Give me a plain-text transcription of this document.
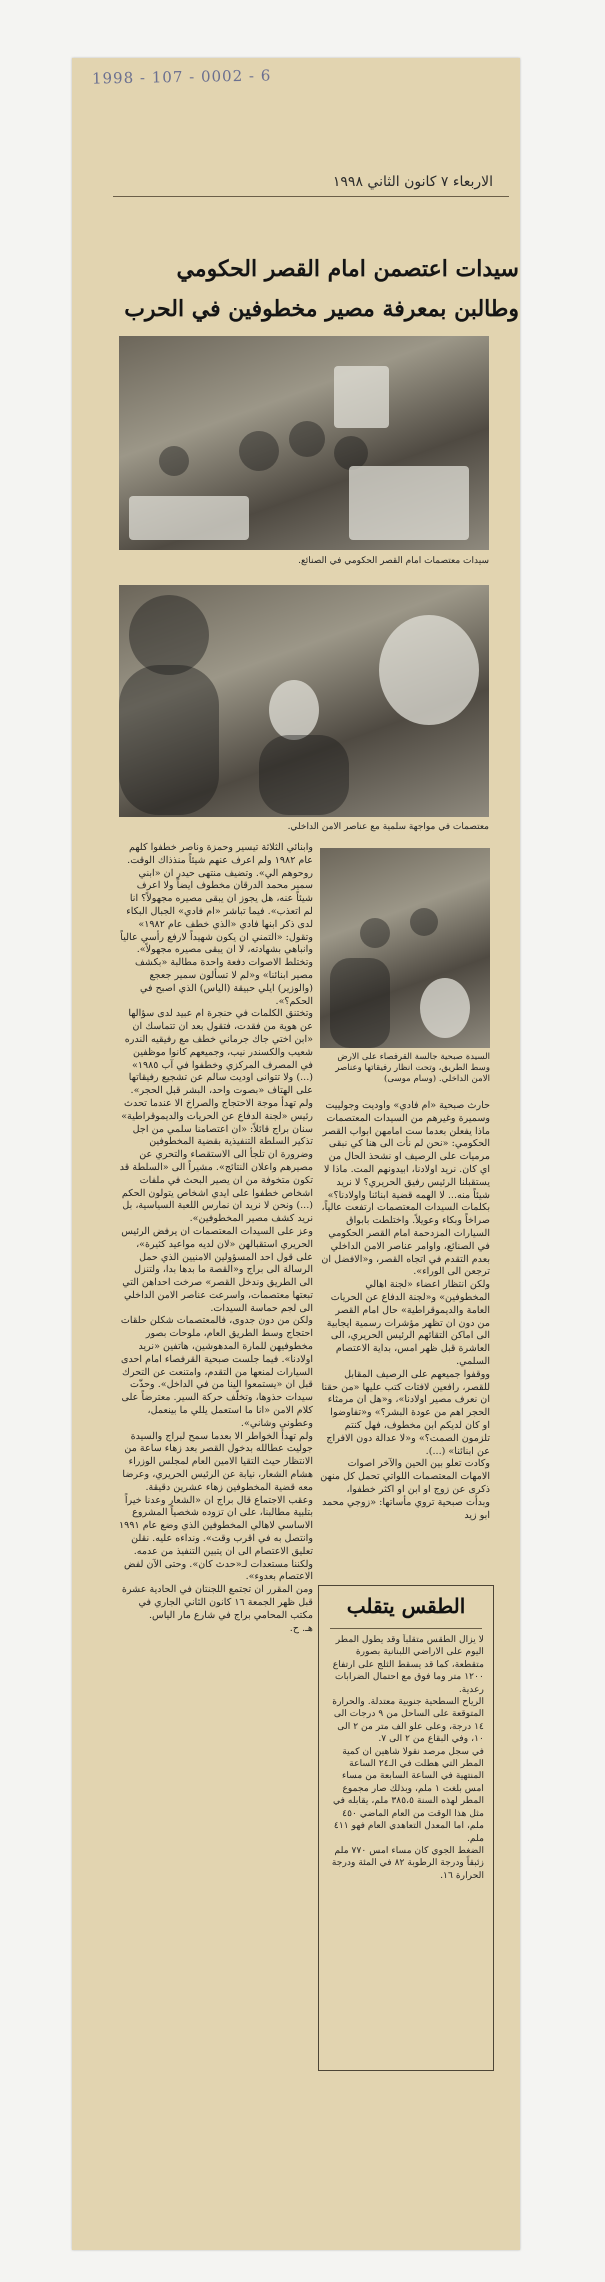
1998 - 107 - 0002 - 6
الاربعاء ٧ كانون الثاني ١٩٩٨
سيدات اعتصمن امام القصر الحكومي
وطالبن بمعرفة مصير مخطوفين في الحرب
سيدات معتصمات امام القصر الحكومي في الصنائع.
معتصمات في مواجهة سلمية مع عناصر الامن الداخلي.
السيدة صبحية جالسة القرفصاء على الارض وسط الطريق، وتحت انظار رفيقاتها وعناصر الامن الداخلي. (وسام موسى)
وابنائي الثلاثة تيسير وحمزة وناصر خطفوا كلهم عام ١٩٨٢ ولم اعرف عنهم شيئاً منذذاك الوقت. روحوهم الي». وتضيف منتهى حيدر ان «ابني سمير محمد الدرقان مخطوف ايضاً ولا اعرف شيئاً عنه، هل يجوز ان يبقى مصيره مجهولاً؟ انا لم اتعذب». فيما تباشر «ام فادي» الجبال البكاء لدى ذكر ابنها فادي «الذي خطف عام ١٩٨٢» وتقول: «التمني ان يكون شهيداً لارفع رأسي عالياً وانباهي بشهادته، لا ان يبقى مصيره مجهولاً».
وتختلط الاصوات دفعة واحدة مطالبة «بكشف مصير ابنائنا» و«لم لا تسألون سمير جعجع (والوزير) ايلي حبيقة (الياس) الذي اصبح في الحكم؟».
وتختنق الكلمات في حنجرة ام عبيد لدى سؤالها عن هوية من فقدت، فتقول بعد ان تتماسك ان «ابن اختي جاك جرماني خطف مع رفيقيه الندره شعيب والكسندر نيب، وجميعهم كانوا موظفين في المصرف المركزي وخطفوا في آب ١٩٨٥» (...) ولا تتوانى اوديت سالم عن تشجيع رفيقاتها على الهتاف «بصوت واحد، البشر قبل الحجر».
ولم تهدأ موجة الاحتجاج والصراخ الا عندما تحدث رئيس «لجنة الدفاع عن الحريات والديموقراطية» سنان براج قائلاً: «ان اعتصامنا سلمي من اجل تذكير السلطة التنفيذية بقضية المخطوفين وضرورة ان تلجأ الى الاستقصاء والتحري عن مصيرهم واعلان النتائج». مشيراً الى «السلطة قد تكون متخوفة من ان يصير البحث في ملفات اشخاص خطفوا على ايدي اشخاص يتولون الحكم (...) ونحن لا نريد ان نمارس اللعبة السياسية، بل نريد كشف مصير المخطوفين».
وعز على السيدات المعتصمات ان يرفض الرئيس الحريري استقبالهن «لان لديه مواعيد كثيرة»، على قول احد المسؤولين الامنيين الذي حمل الرسالة الى براج و«القصة ما بدها بدا، ولتنزل الى الطريق وندخل القصر» صرخت احداهن التي تبعتها معتصمات، واسرعت عناصر الامن الداخلي الى لجم حماسة السيدات.
ولكن من دون جدوى، فالمعتصمات شكلن حلقات احتجاج وسط الطريق العام، ملوحات بصور مخطوفيهن للمارة المدهوشين، هاتفين «نريد اولادنا». فيما جلست صبحية القرفصاء امام احدى السيارات لمنعها من التقدم، وامتنعت عن التحرك قبل ان «يستمعوا الينا من في الداخل». وحذّت سيدات حذوها، وتخلّف حركة السير. معترضاً على كلام الامن «انا ما استعمل يللي ما بينعمل، وعطوني وشاني».
ولم تهدأ الخواطر الا بعدما سمح لبراج والسيدة جوليت عطالله بدخول القصر بعد زهاء ساعة من الانتظار حيث التقيا الامين العام لمجلس الوزراء هشام الشعار، نيابة عن الرئيس الحريري، وعرضا معه قضية المخطوفين زهاء عشرين دقيقة.
وعقب الاجتماع قال براج ان «الشعار وعدنا خيراً بتلبية مطالبنا، على ان تزوده شخصياً المشروع الاساسي لاهالي المخطوفين الذي وضع عام ١٩٩١ وانتصل به في اقرب وقت». ونداءه عليه. نقلن تعليق الاعتصام الى ان يتبين التنفيذ من عدمه. ولكننا مستعدات لـ«حدث كان». وحتى الآن لفض الاعتصام بعدوء».
ومن المقرر ان تجتمع اللجنتان في الحادية عشرة قبل ظهر الجمعة ١٦ كانون الثاني الجاري في مكتب المحامي براج في شارع مار الياس.
هـ. ح.
حارث صبحية «ام فادي» وأوديت وجولييت وسميرة وغيرهم من السيدات المعتصمات ماذا يفعلن بعدما ست امامهن ابواب القصر الحكومي: «نحن لم نأت الى هنا كي نبقى مرميات على الرصيف او نشحذ الحال من اي كان. نريد اولادنا، ابيدونهم المت. ماذا لا يستقبلنا الرئيس رفيق الحريري؟ لا نريد شيئاً منه... لا الهمه قضية ابنائنا واولادنا؟» بكلمات السيدات المعتصمات ارتفعت عالياً، صراخاً وبكاء وعويلاً. واختلطت بابواق السيارات المزدحمة امام القصر الحكومي في الصنائع، واوامر عناصر الامن الداخلي بعدم التقدم في اتجاه القصر، و«الافضل ان ترجعن الى الوراء».
ولكن انتظار اعضاء «لجنة اهالي المخطوفين» و«لجنة الدفاع عن الحريات العامة والديموقراطية» حال امام القصر من دون ان تظهر مؤشرات رسمية ايجابية الى اماكن التقائهم الرئيس الحريري، الى العاشرة قبل ظهر امس، بداية الاعتصام السلمي.
ووقفوا جميعهم على الرصيف المقابل للقصر، رافعين لافتات كتب عليها «من حقنا ان نعرف مصير اولادنا»، و«هل ان مرمثاء الحجر اهم من عودة البشر؟» و«تفاوضوا او كان لديكم ابن مخطوف، فهل كنتم تلزمون الصمت؟» و«لا عدالة دون الافراج عن ابنائنا» (...).
وكادت تعلو بين الحين والآخر اصوات الامهات المعتصمات اللواتي تحمل كل منهن ذكرى عن زوج او ابن او اكثر خطفوا، وبدأت صبحية تروي مأساتها: «زوجي محمد ابو زيد
الطقس يتقلب
لا يزال الطقس متقلباً وقد يطول المطر اليوم على الاراضي اللبنانية بصورة متقطعة، كما قد يسقط الثلج على ارتفاع ١٢٠٠ متر وما فوق مع احتمال الضرابات رعدية.
الرياح السطحية جنوبية معتدلة. والحرارة المتوقعة على الساحل من ٩ درجات الى ١٤ درجة، وعلى علو الف متر من ٢ الى ١٠، وفي البقاع من ٢ الى ٧.
في سجل مرصد نقولا شاهين ان كمية المطر التي هطلت في الـ٢٤ الساعة المنتهية في الساعة السابعة من مساء امس بلغت ١ ملم، وبذلك صار مجموع المطر لهذه السنة ٣٨٥،٥ ملم، يقابله في مثل هذا الوقت من العام الماضي ٤٥٠ ملم، اما المعدل التعاهدي العام فهو ٤١١ ملم.
الضغط الجوي كان مساء امس ٧٧٠ ملم زئبقاً ودرجة الرطوبة ٨٢ في المئة ودرجة الحرارة ١٦.
